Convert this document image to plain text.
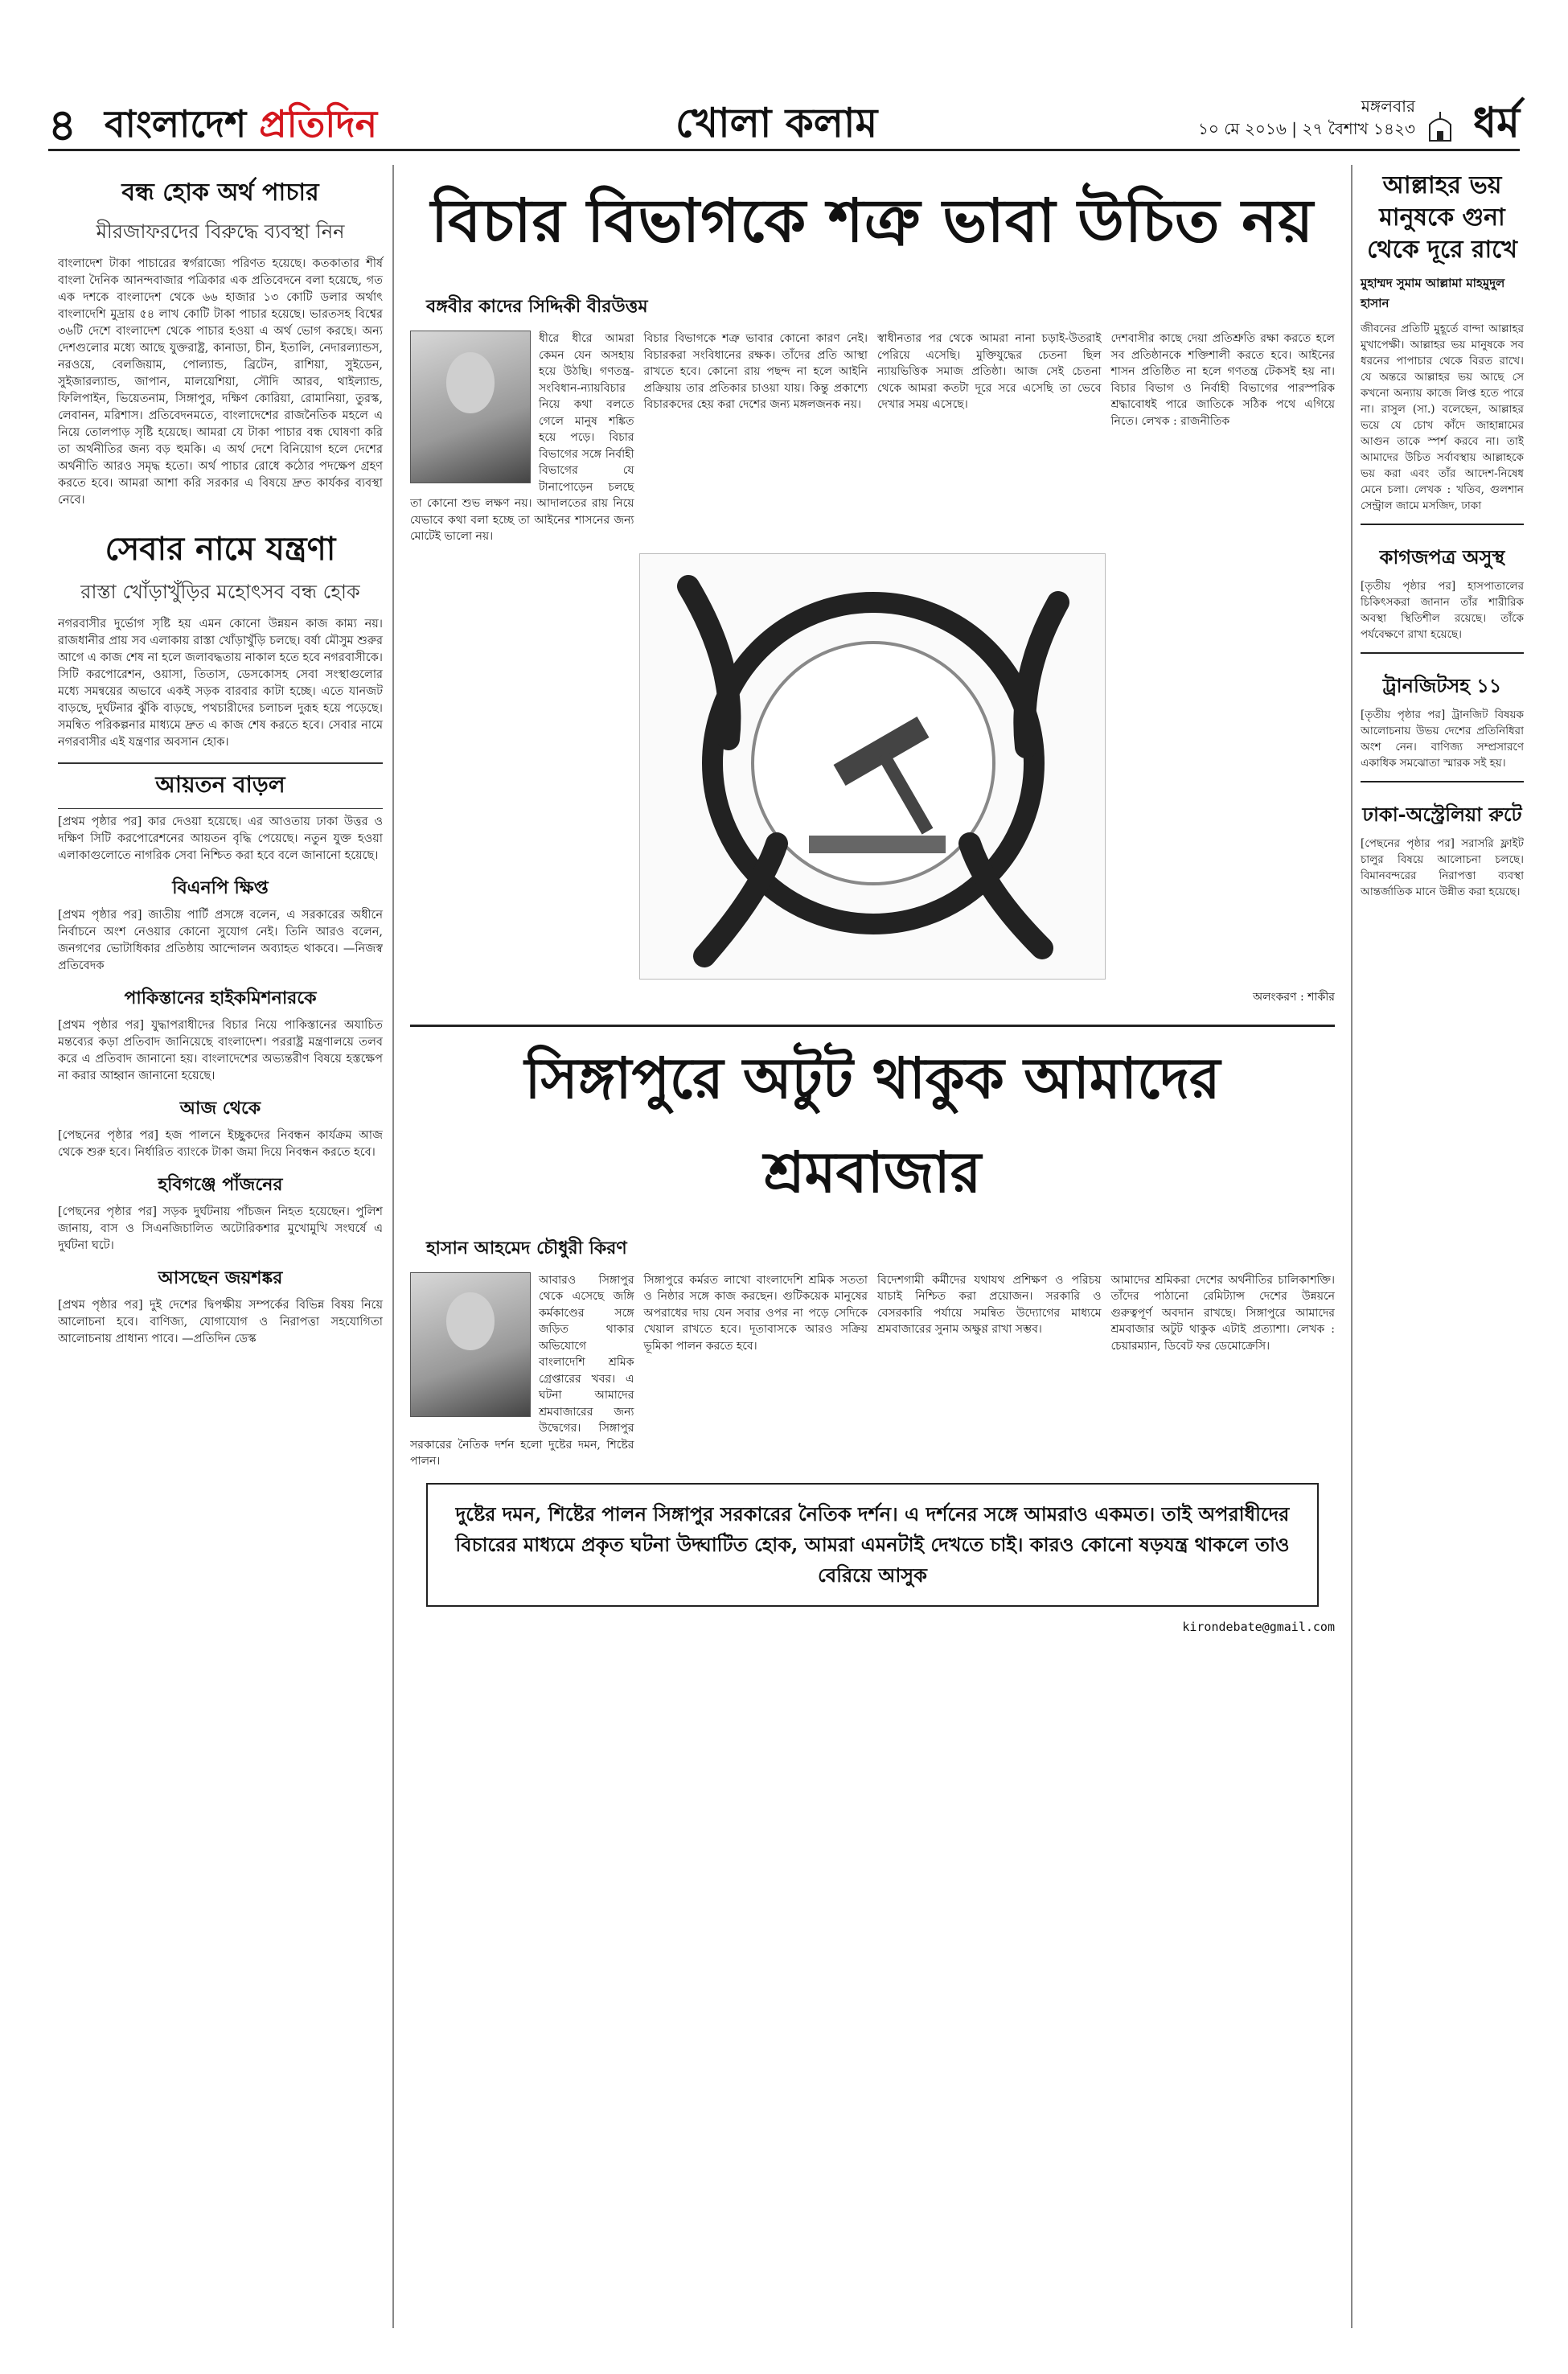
৪ বাংলাদেশ প্রতিদিন	খোলা কলাম	মঙ্গলবার
১০ মে ২০১৬ | ২৭ বৈশাখ ১৪২৩	ধর্ম
বন্ধ হোক অর্থ পাচার
মীরজাফরদের বিরুদ্ধে ব্যবস্থা নিন
বাংলাদেশ টাকা পাচারের স্বর্গরাজ্যে পরিণত হয়েছে। কতকাতার শীর্ষ বাংলা দৈনিক আনন্দবাজার পত্রিকার এক প্রতিবেদনে বলা হয়েছে, গত এক দশকে বাংলাদেশ থেকে ৬৬ হাজার ১৩ কোটি ডলার অর্থাৎ বাংলাদেশি মুদ্রায় ৫৪ লাখ কোটি টাকা পাচার হয়েছে। ভারতসহ বিশ্বের ৩৬টি দেশে বাংলাদেশ থেকে পাচার হওয়া এ অর্থ ভোগ করছে। অন্য দেশগুলোর মধ্যে আছে যুক্তরাষ্ট্র, কানাডা, চীন, ইতালি, নেদারল্যান্ডস, নরওয়ে, বেলজিয়াম, পোল্যান্ড, ব্রিটেন, রাশিয়া, সুইডেন, সুইজারল্যান্ড, জাপান, মালয়েশিয়া, সৌদি আরব, থাইল্যান্ড, ফিলিপাইন, ভিয়েতনাম, সিঙ্গাপুর, দক্ষিণ কোরিয়া, রোমানিয়া, তুরস্ক, লেবানন, মরিশাস। প্রতিবেদনমতে, বাংলাদেশের রাজনৈতিক মহলে এ নিয়ে তোলপাড় সৃষ্টি হয়েছে। আমরা যে টাকা পাচার বন্ধ ঘোষণা করি তা অর্থনীতির জন্য বড় হুমকি। এ অর্থ দেশে বিনিয়োগ হলে দেশের অর্থনীতি আরও সমৃদ্ধ হতো। অর্থ পাচার রোধে কঠোর পদক্ষেপ গ্রহণ করতে হবে। আমরা আশা করি সরকার এ বিষয়ে দ্রুত কার্যকর ব্যবস্থা নেবে।
সেবার নামে যন্ত্রণা
রাস্তা খোঁড়াখুঁড়ির মহোৎসব বন্ধ হোক
নগরবাসীর দুর্ভোগ সৃষ্টি হয় এমন কোনো উন্নয়ন কাজ কাম্য নয়। রাজধানীর প্রায় সব এলাকায় রাস্তা খোঁড়াখুঁড়ি চলছে। বর্ষা মৌসুম শুরুর আগে এ কাজ শেষ না হলে জলাবদ্ধতায় নাকাল হতে হবে নগরবাসীকে। সিটি করপোরেশন, ওয়াসা, তিতাস, ডেসকোসহ সেবা সংস্থাগুলোর মধ্যে সমন্বয়ের অভাবে একই সড়ক বারবার কাটা হচ্ছে। এতে যানজট বাড়ছে, দুর্ঘটনার ঝুঁকি বাড়ছে, পথচারীদের চলাচল দুরূহ হয়ে পড়েছে। সমন্বিত পরিকল্পনার মাধ্যমে দ্রুত এ কাজ শেষ করতে হবে। সেবার নামে নগরবাসীর এই যন্ত্রণার অবসান হোক।
আয়তন বাড়ল
[প্রথম পৃষ্ঠার পর] কার দেওয়া হয়েছে। এর আওতায় ঢাকা উত্তর ও দক্ষিণ সিটি করপোরেশনের আয়তন বৃদ্ধি পেয়েছে। নতুন যুক্ত হওয়া এলাকাগুলোতে নাগরিক সেবা নিশ্চিত করা হবে বলে জানানো হয়েছে।
বিএনপি ক্ষিপ্ত
[প্রথম পৃষ্ঠার পর] জাতীয় পার্টি প্রসঙ্গে বলেন, এ সরকারের অধীনে নির্বাচনে অংশ নেওয়ার কোনো সুযোগ নেই। তিনি আরও বলেন, জনগণের ভোটাধিকার প্রতিষ্ঠায় আন্দোলন অব্যাহত থাকবে। —নিজস্ব প্রতিবেদক
পাকিস্তানের হাইকমিশনারকে
[প্রথম পৃষ্ঠার পর] যুদ্ধাপরাধীদের বিচার নিয়ে পাকিস্তানের অযাচিত মন্তব্যের কড়া প্রতিবাদ জানিয়েছে বাংলাদেশ। পররাষ্ট্র মন্ত্রণালয়ে তলব করে এ প্রতিবাদ জানানো হয়। বাংলাদেশের অভ্যন্তরীণ বিষয়ে হস্তক্ষেপ না করার আহ্বান জানানো হয়েছে।
আজ থেকে
[পেছনের পৃষ্ঠার পর] হজ পালনে ইচ্ছুকদের নিবন্ধন কার্যক্রম আজ থেকে শুরু হবে। নির্ধারিত ব্যাংকে টাকা জমা দিয়ে নিবন্ধন করতে হবে।
হবিগঞ্জে পাঁজনের
[পেছনের পৃষ্ঠার পর] সড়ক দুর্ঘটনায় পাঁচজন নিহত হয়েছেন। পুলিশ জানায়, বাস ও সিএনজিচালিত অটোরিকশার মুখোমুখি সংঘর্ষে এ দুর্ঘটনা ঘটে।
আসছেন জয়শঙ্কর
[প্রথম পৃষ্ঠার পর] দুই দেশের দ্বিপক্ষীয় সম্পর্কের বিভিন্ন বিষয় নিয়ে আলোচনা হবে। বাণিজ্য, যোগাযোগ ও নিরাপত্তা সহযোগিতা আলোচনায় প্রাধান্য পাবে। —প্রতিদিন ডেস্ক
বিচার বিভাগকে শত্রু ভাবা উচিত নয়
বঙ্গবীর কাদের সিদ্দিকী বীরউত্তম
ধীরে ধীরে আমরা কেমন যেন অসহায় হয়ে উঠছি। গণতন্ত্র-সংবিধান-ন্যায়বিচার নিয়ে কথা বলতে গেলে মানুষ শঙ্কিত হয়ে পড়ে। বিচার বিভাগের সঙ্গে নির্বাহী বিভাগের যে টানাপোড়েন চলছে তা কোনো শুভ লক্ষণ নয়। আদালতের রায় নিয়ে যেভাবে কথা বলা হচ্ছে তা আইনের শাসনের জন্য মোটেই ভালো নয়।
বিচার বিভাগকে শত্রু ভাবার কোনো কারণ নেই। বিচারকরা সংবিধানের রক্ষক। তাঁদের প্রতি আস্থা রাখতে হবে। কোনো রায় পছন্দ না হলে আইনি প্রক্রিয়ায় তার প্রতিকার চাওয়া যায়। কিন্তু প্রকাশ্যে বিচারকদের হেয় করা দেশের জন্য মঙ্গলজনক নয়।
স্বাধীনতার পর থেকে আমরা নানা চড়াই-উতরাই পেরিয়ে এসেছি। মুক্তিযুদ্ধের চেতনা ছিল ন্যায়ভিত্তিক সমাজ প্রতিষ্ঠা। আজ সেই চেতনা থেকে আমরা কতটা দূরে সরে এসেছি তা ভেবে দেখার সময় এসেছে।
দেশবাসীর কাছে দেয়া প্রতিশ্রুতি রক্ষা করতে হলে সব প্রতিষ্ঠানকে শক্তিশালী করতে হবে। আইনের শাসন প্রতিষ্ঠিত না হলে গণতন্ত্র টেকসই হয় না। বিচার বিভাগ ও নির্বাহী বিভাগের পারস্পরিক শ্রদ্ধাবোধই পারে জাতিকে সঠিক পথে এগিয়ে নিতে। লেখক : রাজনীতিক
অলংকরণ : শাকীর
সিঙ্গাপুরে অটুট থাকুক আমাদের শ্রমবাজার
হাসান আহমেদ চৌধুরী কিরণ
আবারও সিঙ্গাপুর থেকে এসেছে জঙ্গি কর্মকাণ্ডের সঙ্গে জড়িত থাকার অভিযোগে বাংলাদেশি শ্রমিক গ্রেপ্তারের খবর। এ ঘটনা আমাদের শ্রমবাজারের জন্য উদ্বেগের। সিঙ্গাপুর সরকারের নৈতিক দর্শন হলো দুষ্টের দমন, শিষ্টের পালন।
সিঙ্গাপুরে কর্মরত লাখো বাংলাদেশি শ্রমিক সততা ও নিষ্ঠার সঙ্গে কাজ করছেন। গুটিকয়েক মানুষের অপরাধের দায় যেন সবার ওপর না পড়ে সেদিকে খেয়াল রাখতে হবে। দূতাবাসকে আরও সক্রিয় ভূমিকা পালন করতে হবে।
বিদেশগামী কর্মীদের যথাযথ প্রশিক্ষণ ও পরিচয় যাচাই নিশ্চিত করা প্রয়োজন। সরকারি ও বেসরকারি পর্যায়ে সমন্বিত উদ্যোগের মাধ্যমে শ্রমবাজারের সুনাম অক্ষুণ্ণ রাখা সম্ভব।
আমাদের শ্রমিকরা দেশের অর্থনীতির চালিকাশক্তি। তাঁদের পাঠানো রেমিট্যান্স দেশের উন্নয়নে গুরুত্বপূর্ণ অবদান রাখছে। সিঙ্গাপুরে আমাদের শ্রমবাজার অটুট থাকুক এটাই প্রত্যাশা। লেখক : চেয়ারম্যান, ডিবেট ফর ডেমোক্রেসি।
দুষ্টের দমন, শিষ্টের পালন সিঙ্গাপুর সরকারের নৈতিক দর্শন। এ দর্শনের সঙ্গে আমরাও একমত। তাই অপরাধীদের বিচারের মাধ্যমে প্রকৃত ঘটনা উদ্ঘাটিত হোক, আমরা এমনটাই দেখতে চাই। কারও কোনো ষড়যন্ত্র থাকলে তাও বেরিয়ে আসুক
kirondebate@gmail.com
আল্লাহর ভয় মানুষকে গুনা থেকে দূরে রাখে
মুহাম্মদ সুমাম আল্লামা মাহমুদুল হাসান
জীবনের প্রতিটি মুহূর্তে বান্দা আল্লাহর মুখাপেক্ষী। আল্লাহর ভয় মানুষকে সব ধরনের পাপাচার থেকে বিরত রাখে। যে অন্তরে আল্লাহর ভয় আছে সে কখনো অন্যায় কাজে লিপ্ত হতে পারে না। রাসুল (সা.) বলেছেন, আল্লাহর ভয়ে যে চোখ কাঁদে জাহান্নামের আগুন তাকে স্পর্শ করবে না। তাই আমাদের উচিত সর্বাবস্থায় আল্লাহকে ভয় করা এবং তাঁর আদেশ-নিষেধ মেনে চলা। লেখক : খতিব, গুলশান সেন্ট্রাল জামে মসজিদ, ঢাকা
কাগজপত্র অসুস্থ
[তৃতীয় পৃষ্ঠার পর] হাসপাতালের চিকিৎসকরা জানান তাঁর শারীরিক অবস্থা স্থিতিশীল রয়েছে। তাঁকে পর্যবেক্ষণে রাখা হয়েছে।
ট্রানজিটসহ ১১
[তৃতীয় পৃষ্ঠার পর] ট্রানজিট বিষয়ক আলোচনায় উভয় দেশের প্রতিনিধিরা অংশ নেন। বাণিজ্য সম্প্রসারণে একাধিক সমঝোতা স্মারক সই হয়।
ঢাকা-অস্ট্রেলিয়া রুটে
[পেছনের পৃষ্ঠার পর] সরাসরি ফ্লাইট চালুর বিষয়ে আলোচনা চলছে। বিমানবন্দরের নিরাপত্তা ব্যবস্থা আন্তর্জাতিক মানে উন্নীত করা হয়েছে।
